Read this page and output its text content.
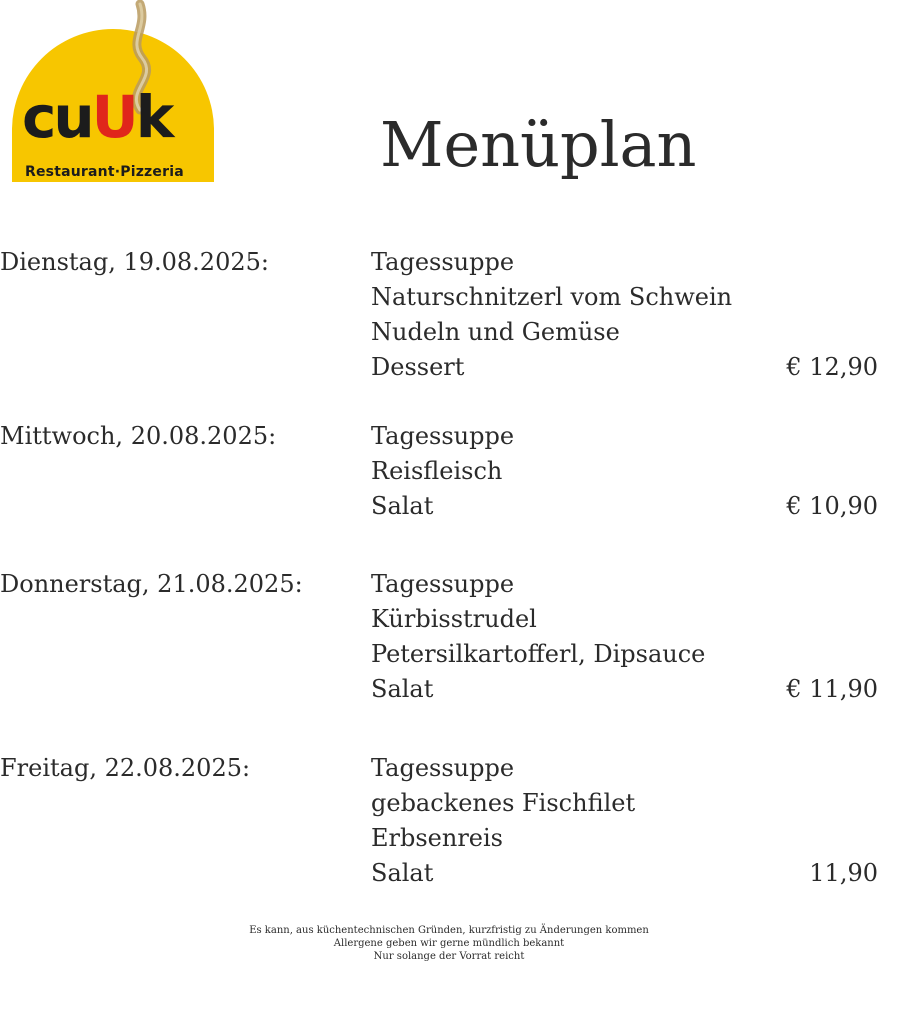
cuUk
Restaurant·Pizzeria	Menüplan
Dienstag, 19.08.2025:	Tagessuppe
Naturschnitzerl vom Schwein
Nudeln und Gemüse
Dessert	€ 12,90
Mittwoch, 20.08.2025:	Tagessuppe
Reisfleisch
Salat	€ 10,90
Donnerstag, 21.08.2025:	Tagessuppe
Kürbisstrudel
Petersilkartofferl, Dipsauce
Salat	€ 11,90
Freitag, 22.08.2025:	Tagessuppe
gebackenes Fischfilet
Erbsenreis
Salat	11,90
Es kann, aus küchentechnischen Gründen, kurzfristig zu Änderungen kommen
Allergene geben wir gerne mündlich bekannt
Nur solange der Vorrat reicht
